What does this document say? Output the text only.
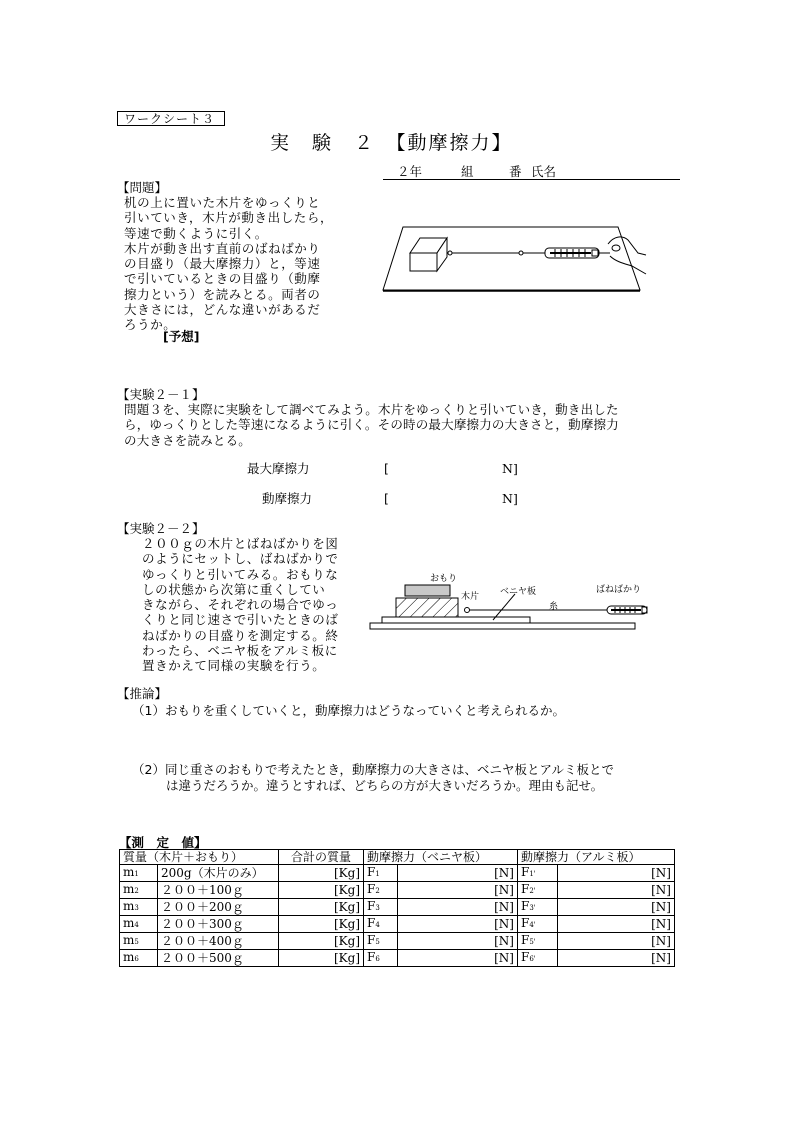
ワークシート３
実　験　２　【動摩擦力】
２年	組	番 氏名
【問題】
机の上に置いた木片をゆっくりと
引いていき，木片が動き出したら，
等速で動くように引く。
木片が動き出す直前のばねばかり
の目盛り（最大摩擦力）と，等速
で引いているときの目盛り（動摩
擦力という）を読みとる。両者の
大きさには，どんな違いがあるだ
ろうか。
[予想]
【実験２－１】
問題３を、実際に実験をして調べてみよう。木片をゆっくりと引いていき，動き出した
ら，ゆっくりとした等速になるように引く。その時の最大摩擦力の大きさと，動摩擦力
の大きさを読みとる。
最大摩擦力	[	N]
動摩擦力	[	N]
【実験２－２】
２００ｇの木片とばねばかりを図
のようにセットし、ばねばかりで
ゆっくりと引いてみる。おもりな
しの状態から次第に重くしてい
きながら、それぞれの場合でゆっ
くりと同じ速さで引いたときのば
ねばかりの目盛りを測定する。終
わったら、ベニヤ板をアルミ板に
置きかえて同様の実験を行う。
おもり
木片 ベニヤ板
糸
ばねばかり
【推論】
（1）おもりを重くしていくと，動摩擦力はどうなっていくと考えられるか。
（2）同じ重さのおもりで考えたとき，動摩擦力の大きさは、ベニヤ板とアルミ板とで
は違うだろうか。違うとすれば、どちらの方が大きいだろうか。理由も記せ。
【測　定　値】
質量（木片＋おもり）		合計の質量	動摩擦力（ベニヤ板）		動摩擦力（アルミ板）	
m1	200g（木片のみ）	[Kg]	F1	[N]	F1'	[N]
m2	２００＋100ｇ	[Kg]	F2	[N]	F2'	[N]
m3	２００＋200ｇ	[Kg]	F3	[N]	F3'	[N]
m4	２００＋300ｇ	[Kg]	F4	[N]	F4'	[N]
m5	２００＋400ｇ	[Kg]	F5	[N]	F5'	[N]
m6	２００＋500ｇ	[Kg]	F6	[N]	F6'	[N]
